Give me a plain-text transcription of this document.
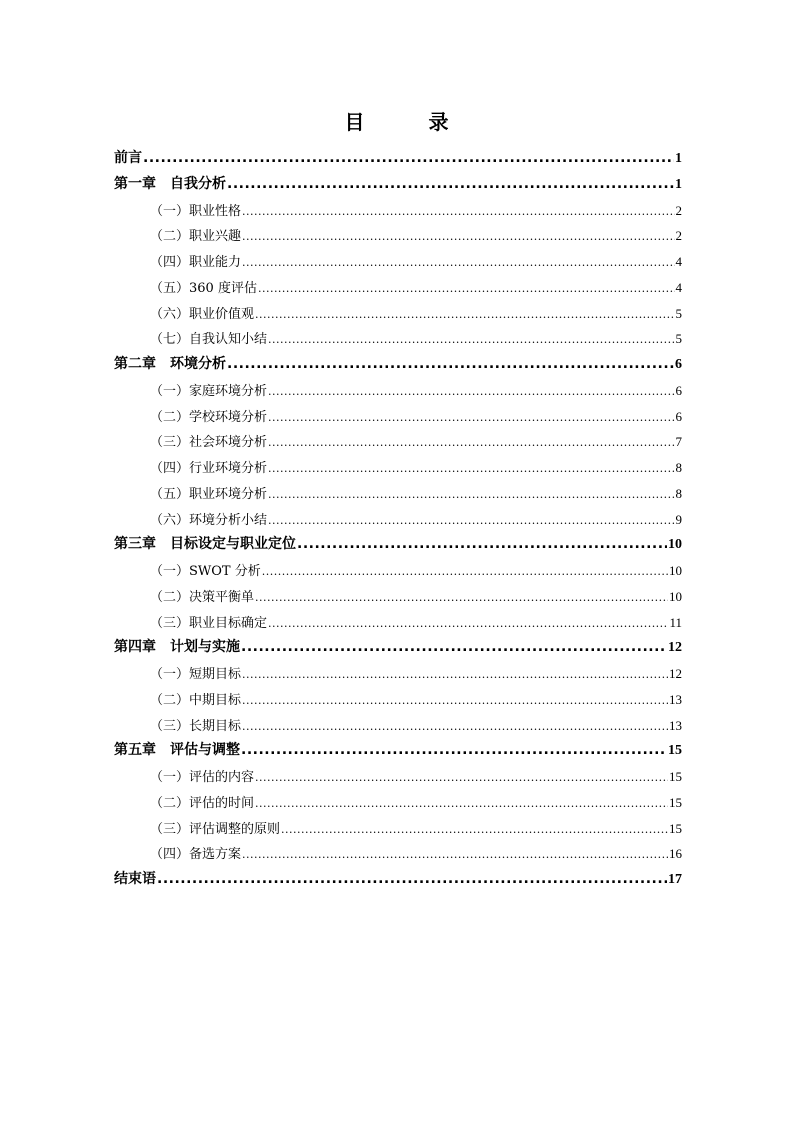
目　录
前言 .....	1
第一章　自我分析 .....	1
（一）职业性格 .....	2
（二）职业兴趣 .....	2
（四）职业能力 .....	4
（五）360 度评估 .....	4
（六）职业价值观 .....	5
（七）自我认知小结 .....	5
第二章　环境分析 .....	6
（一）家庭环境分析 .....	6
（二）学校环境分析 .....	6
（三）社会环境分析 .....	7
（四）行业环境分析 .....	8
（五）职业环境分析 .....	8
（六）环境分析小结 .....	9
第三章　目标设定与职业定位 .....	10
（一）SWOT 分析 .....	10
（二）决策平衡单 .....	10
（三）职业目标确定 .....	11
第四章　计划与实施 .....	12
（一）短期目标 .....	12
（二）中期目标 .....	13
（三）长期目标 .....	13
第五章　评估与调整 .....	15
（一）评估的内容 .....	15
（二）评估的时间 .....	15
（三）评估调整的原则 .....	15
（四）备选方案 .....	16
结束语 .....	17
